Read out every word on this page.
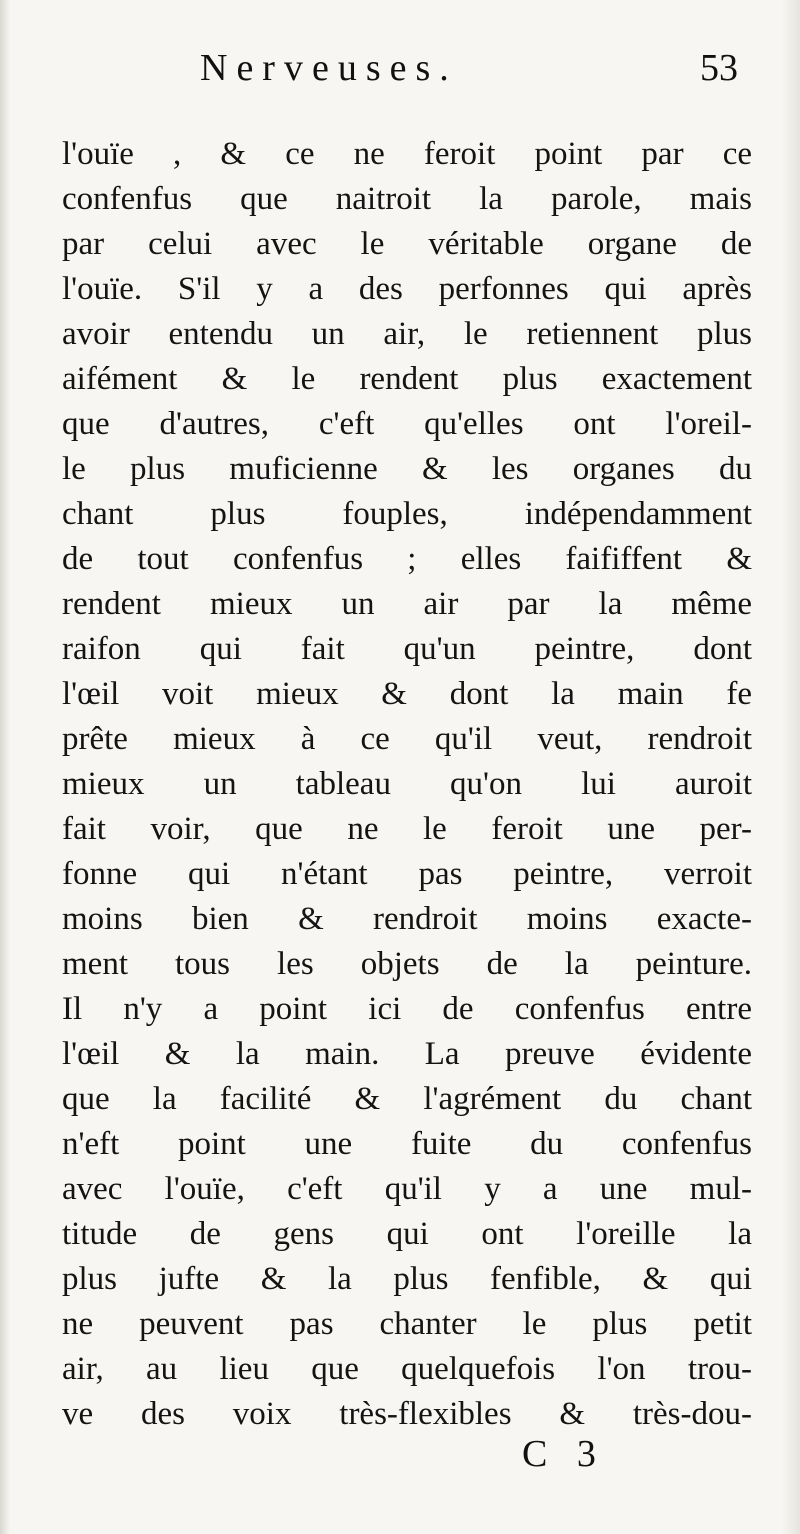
Nerveuses.	53
l'ouïe , & ce ne feroit point par ce
confenfus que naitroit la parole, mais
par celui avec le véritable organe de
l'ouïe. S'il y a des perfonnes qui après
avoir entendu un air, le retiennent plus
aifément & le rendent plus exactement
que d'autres, c'eft qu'elles ont l'oreil-
le plus muficienne & les organes du
chant plus fouples, indépendamment
de tout confenfus ; elles faififfent &
rendent mieux un air par la même
raifon qui fait qu'un peintre, dont
l'œil voit mieux & dont la main fe
prête mieux à ce qu'il veut, rendroit
mieux un tableau qu'on lui auroit
fait voir, que ne le feroit une per-
fonne qui n'étant pas peintre, verroit
moins bien & rendroit moins exacte-
ment tous les objets de la peinture.
Il n'y a point ici de confenfus entre
l'œil & la main. La preuve évidente
que la facilité & l'agrément du chant
n'eft point une fuite du confenfus
avec l'ouïe, c'eft qu'il y a une mul-
titude de gens qui ont l'oreille la
plus jufte & la plus fenfible, & qui
ne peuvent pas chanter le plus petit
air, au lieu que quelquefois l'on trou-
ve des voix très-flexibles & très-dou-
C 3
